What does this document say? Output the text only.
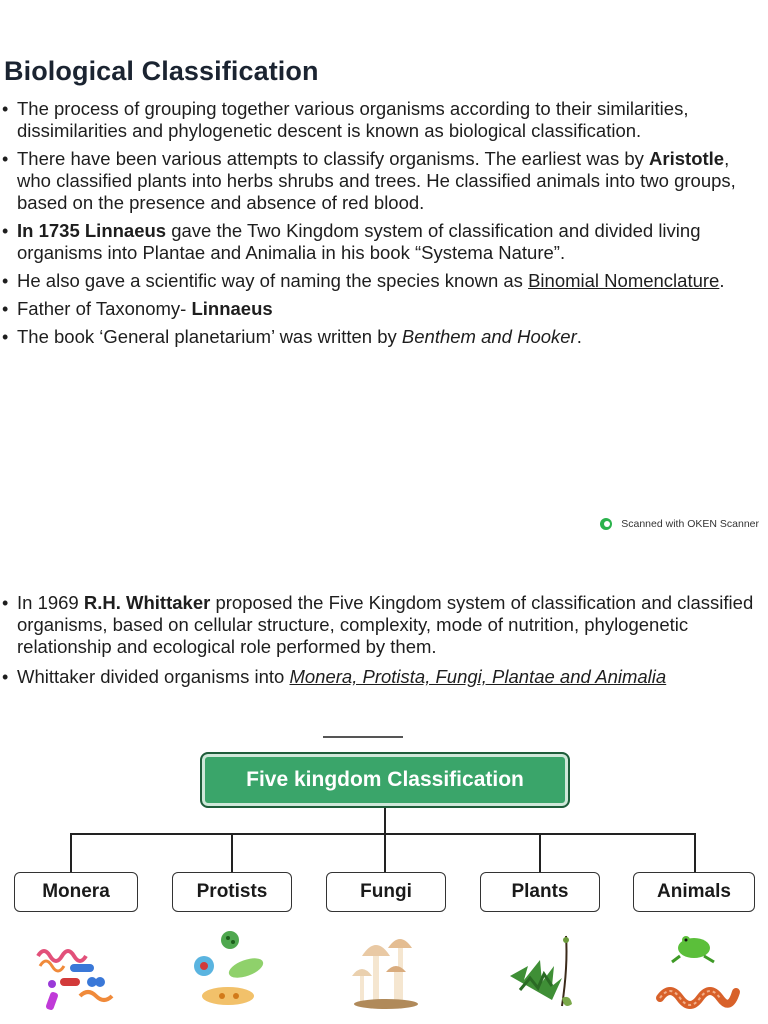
Biological Classification
• The process of grouping together various organisms according to their similarities, dissimilarities and phylogenetic descent is known as biological classification.
• There have been various attempts to classify organisms. The earliest was by Aristotle, who classified plants into herbs shrubs and trees. He classified animals into two groups, based on the presence and absence of red blood.
• In 1735 Linnaeus gave the Two Kingdom system of classification and divided living organisms into Plantae and Animalia in his book “Systema Nature”.
• He also gave a scientific way of naming the species known as Binomial Nomenclature.
• Father of Taxonomy- Linnaeus
• The book ‘General planetarium’ was written by Benthem and Hooker.
Scanned with OKEN Scanner
• In 1969 R.H. Whittaker proposed the Five Kingdom system of classification and classified organisms, based on cellular structure, complexity, mode of nutrition, phylogenetic relationship and ecological role performed by them.
• Whittaker divided organisms into Monera, Protista, Fungi, Plantae and Animalia
Five kingdom Classification
Monera	Protists	Fungi	Plants	Animals
